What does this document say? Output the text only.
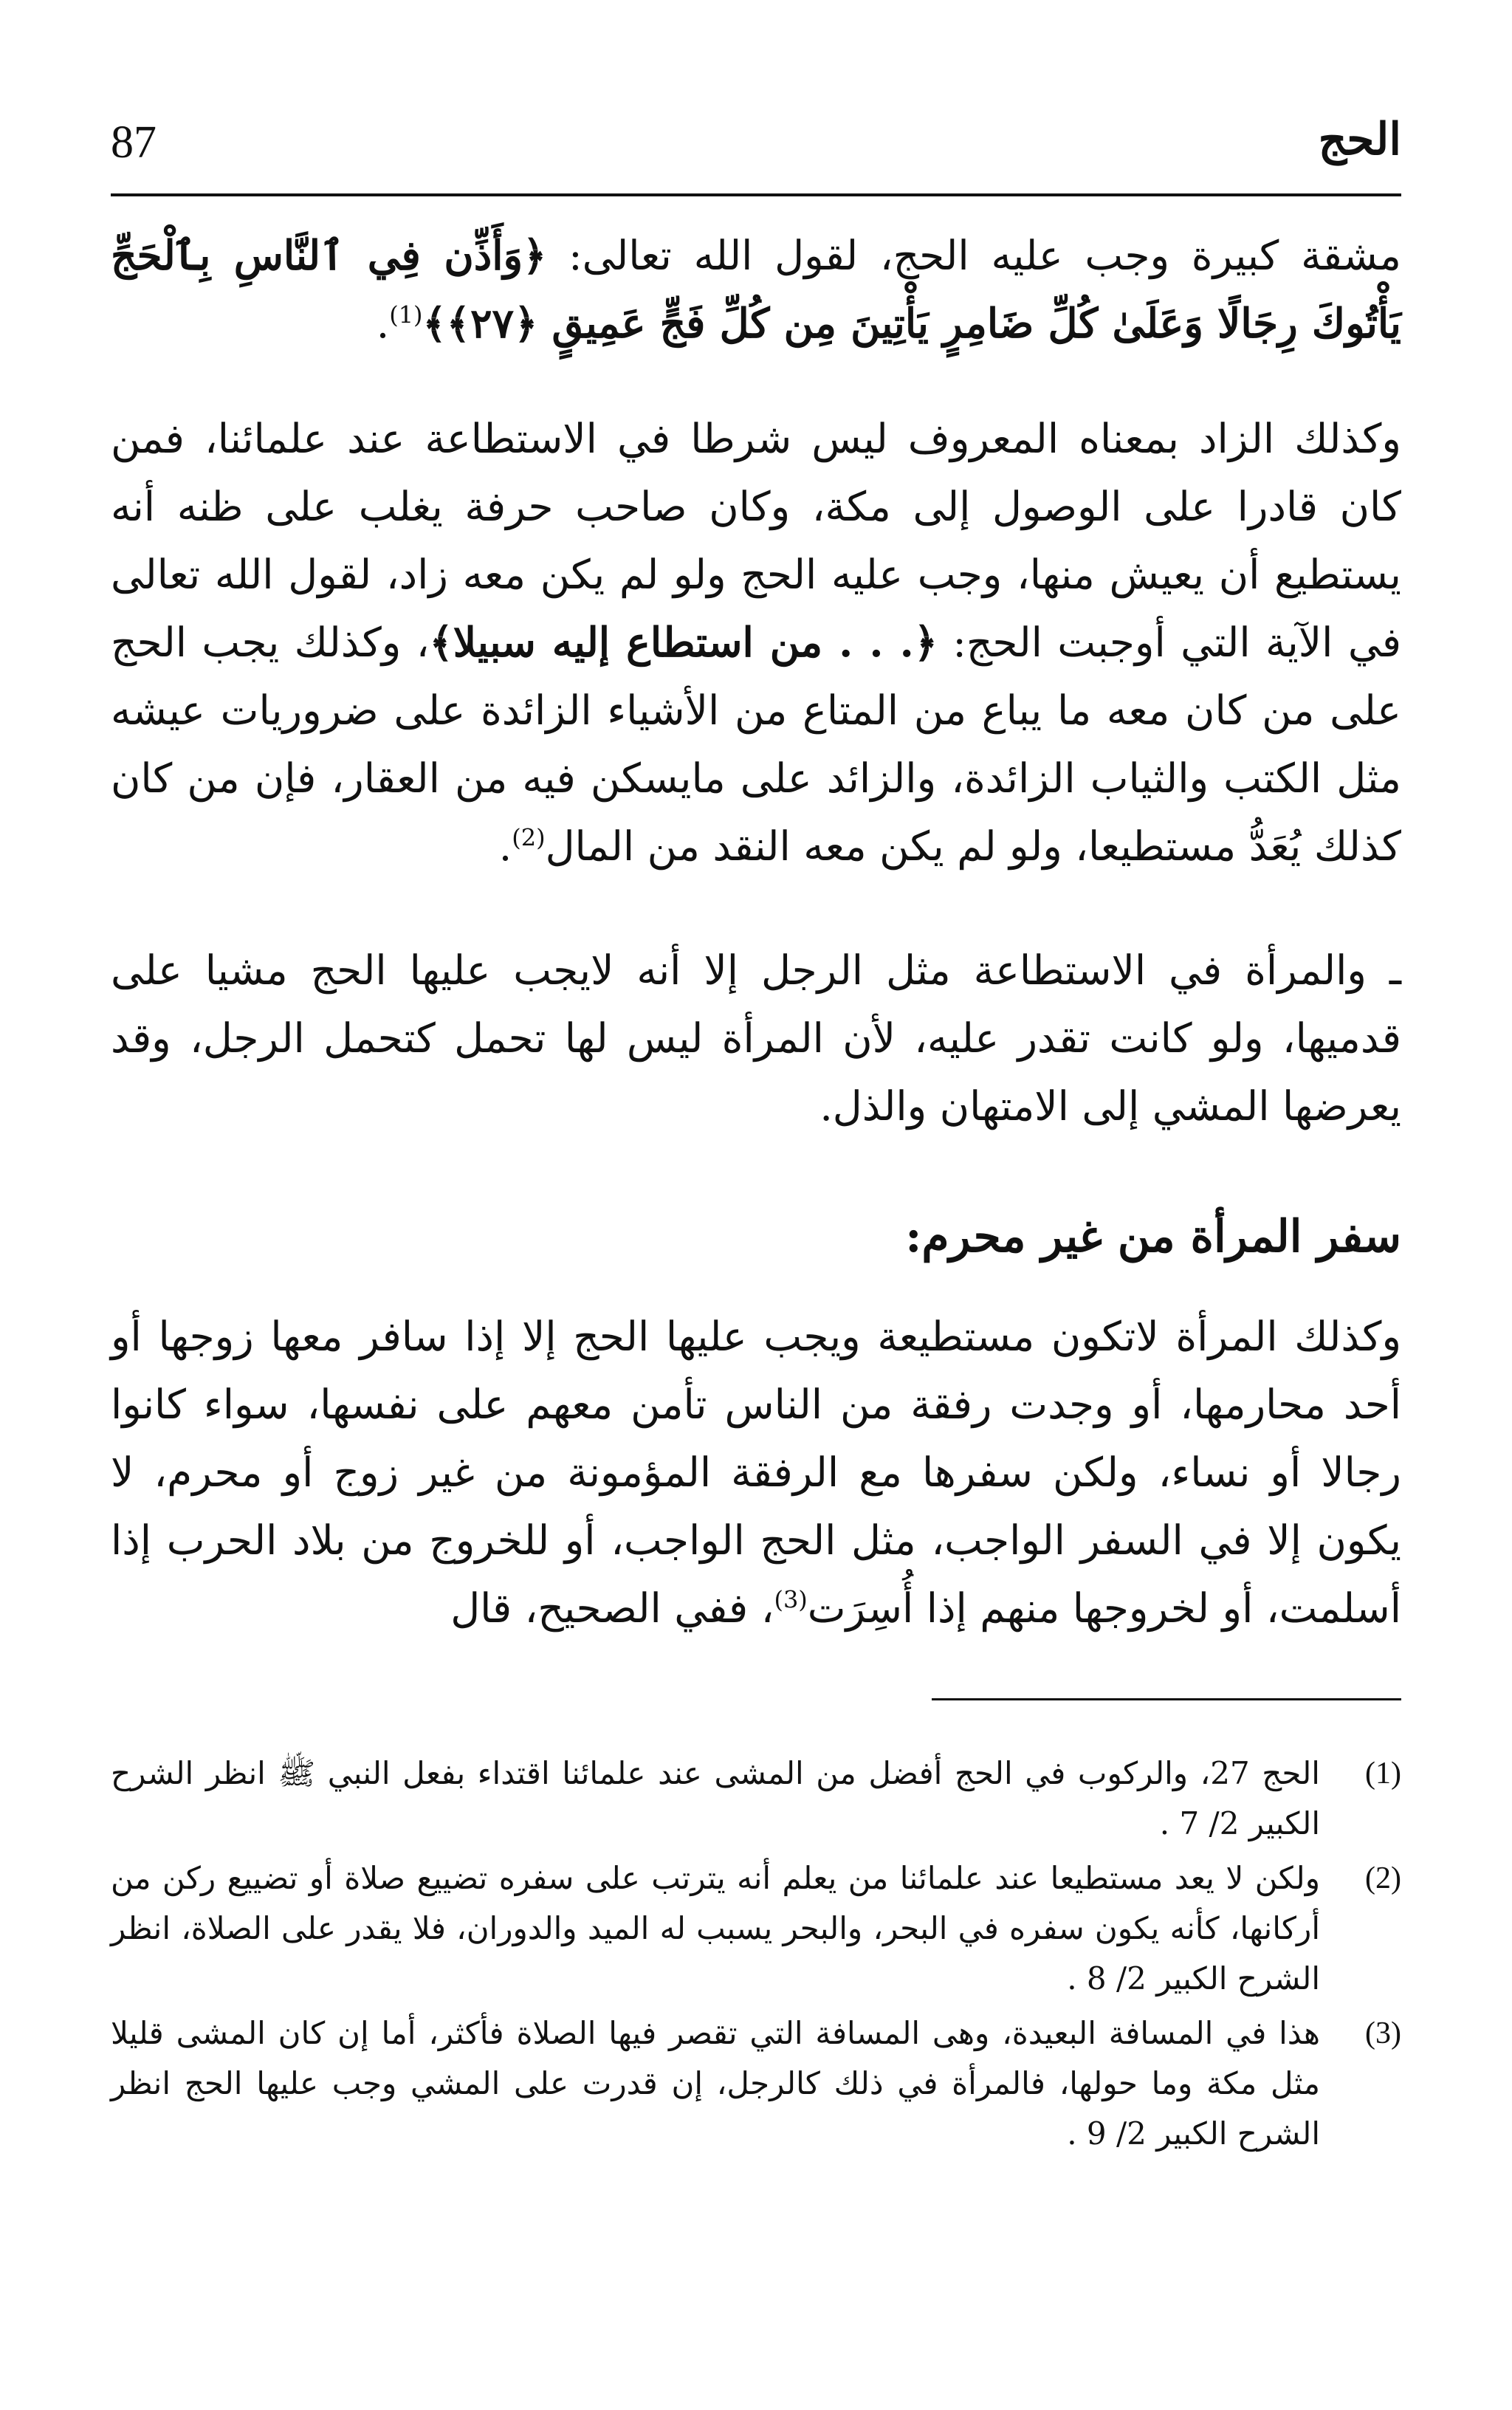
87	الحج

مشقة كبيرة وجب عليه الحج، لقول الله تعالى: ﴿وَأَذِّن فِي ٱلنَّاسِ بِٱلْحَجِّ يَأْتُوكَ رِجَالًا وَعَلَىٰ كُلِّ ضَامِرٍ يَأْتِينَ مِن كُلِّ فَجٍّ عَمِيقٍ ﴿٢٧﴾﴾$^{(1)}$.

وكذلك الزاد بمعناه المعروف ليس شرطا في الاستطاعة عند علمائنا، فمن كان قادرا على الوصول إلى مكة، وكان صاحب حرفة يغلب على ظنه أنه يستطيع أن يعيش منها، وجب عليه الحج ولو لم يكن معه زاد، لقول الله تعالى في الآية التي أوجبت الحج: ﴿. . . من استطاع إليه سبيلا﴾، وكذلك يجب الحج على من كان معه ما يباع من المتاع من الأشياء الزائدة على ضروريات عيشه مثل الكتب والثياب الزائدة، والزائد على مايسكن فيه من العقار، فإن من كان كذلك يُعَدُّ مستطيعا، ولو لم يكن معه النقد من المال$^{(2)}$.

ـ والمرأة في الاستطاعة مثل الرجل إلا أنه لايجب عليها الحج مشيا على قدميها، ولو كانت تقدر عليه، لأن المرأة ليس لها تحمل كتحمل الرجل، وقد يعرضها المشي إلى الامتهان والذل.

سفر المرأة من غير محرم:

وكذلك المرأة لاتكون مستطيعة ويجب عليها الحج إلا إذا سافر معها زوجها أو أحد محارمها، أو وجدت رفقة من الناس تأمن معهم على نفسها، سواء كانوا رجالا أو نساء، ولكن سفرها مع الرفقة المؤمونة من غير زوج أو محرم، لا يكون إلا في السفر الواجب، مثل الحج الواجب، أو للخروج من بلاد الحرب إذا أسلمت، أو لخروجها منهم إذا أُسِرَت$^{(3)}$، ففي الصحيح، قال

(1)
الحج 27، والركوب في الحج أفضل من المشى عند علمائنا اقتداء بفعل النبي ﷺ انظر الشرح الكبير 2/ 7 .
(2)
ولكن لا يعد مستطيعا عند علمائنا من يعلم أنه يترتب على سفره تضييع صلاة أو تضييع ركن من أركانها، كأنه يكون سفره في البحر، والبحر يسبب له الميد والدوران، فلا يقدر على الصلاة، انظر الشرح الكبير 2/ 8 .
(3)
هذا في المسافة البعيدة، وهى المسافة التي تقصر فيها الصلاة فأكثر، أما إن كان المشى قليلا مثل مكة وما حولها، فالمرأة في ذلك كالرجل، إن قدرت على المشي وجب عليها الحج انظر الشرح الكبير 2/ 9 .
